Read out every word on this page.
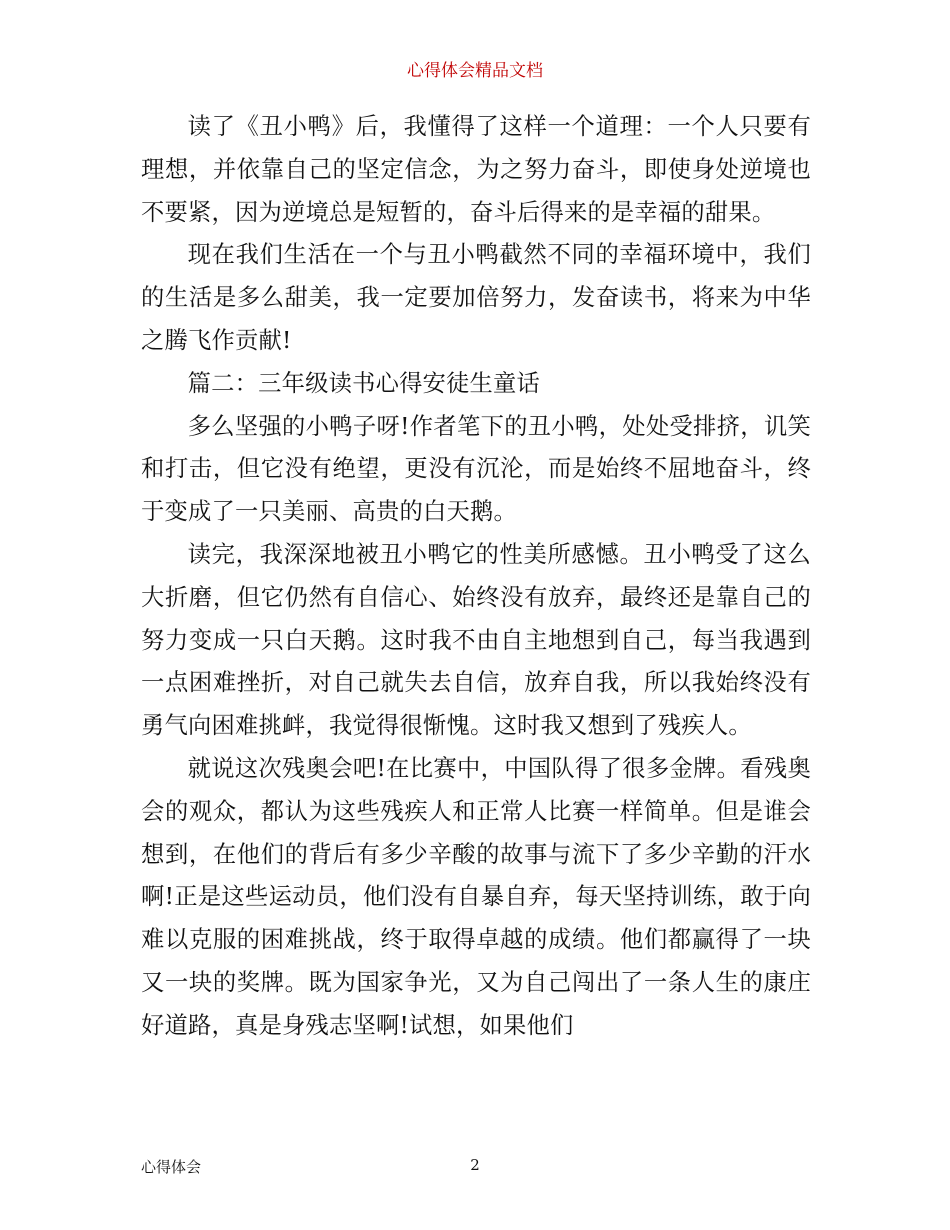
心得体会精品文档

读了《丑小鸭》后，我懂得了这样一个道理：一个人只要有理想，并依靠自己的坚定信念，为之努力奋斗，即使身处逆境也不要紧，因为逆境总是短暂的，奋斗后得来的是幸福的甜果。

现在我们生活在一个与丑小鸭截然不同的幸福环境中，我们的生活是多么甜美，我一定要加倍努力，发奋读书，将来为中华之腾飞作贡献!

篇二：三年级读书心得安徒生童话

多么坚强的小鸭子呀!作者笔下的丑小鸭，处处受排挤，讥笑和打击，但它没有绝望，更没有沉沦，而是始终不屈地奋斗，终于变成了一只美丽、高贵的白天鹅。

读完，我深深地被丑小鸭它的性美所感憾。丑小鸭受了这么大折磨，但它仍然有自信心、始终没有放弃，最终还是靠自己的努力变成一只白天鹅。这时我不由自主地想到自己，每当我遇到一点困难挫折，对自己就失去自信，放弃自我，所以我始终没有勇气向困难挑衅，我觉得很惭愧。这时我又想到了残疾人。

就说这次残奥会吧!在比赛中，中国队得了很多金牌。看残奥会的观众，都认为这些残疾人和正常人比赛一样简单。但是谁会想到，在他们的背后有多少辛酸的故事与流下了多少辛勤的汗水啊!正是这些运动员，他们没有自暴自弃，每天坚持训练，敢于向难以克服的困难挑战，终于取得卓越的成绩。他们都赢得了一块又一块的奖牌。既为国家争光，又为自己闯出了一条人生的康庄好道路，真是身残志坚啊!试想，如果他们

心得体会	2
